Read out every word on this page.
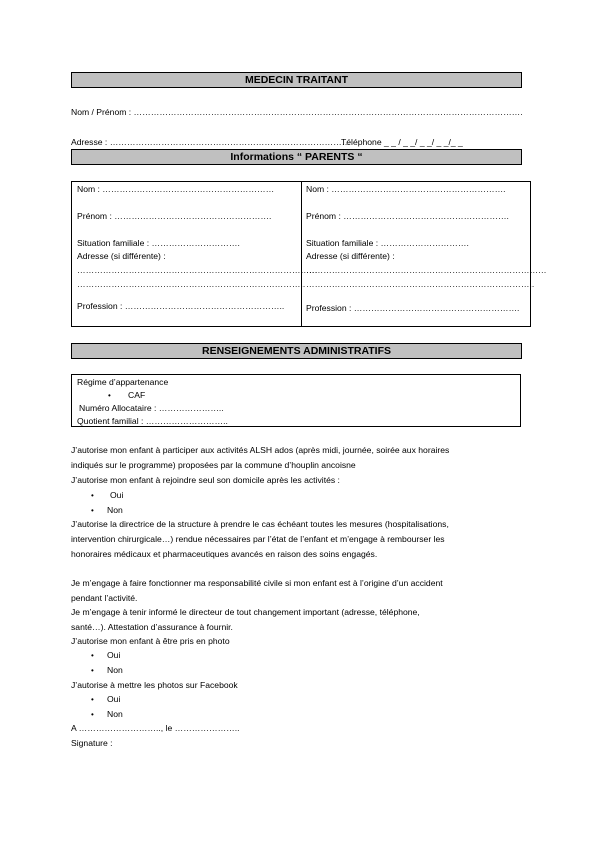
MEDECIN TRAITANT
Nom / Prénom : ……………………………………………………………………………………………………………………….
Adresse : …………………………………………………………………………
Téléphone _ _ / _ _/ _ _/ _ _/_ _
Informations “ PARENTS “
Nom : ……………………………………………………
Prénom : ……………………………………………….
Situation familiale : ………………………….
Adresse (si différente) :
…………………………………………………………………………
……………………………………………………………………..
Profession : ………………………………………………..
Nom : …………………………………………………….
Prénom : ………………………………………………….
Situation familiale : ………………………….
Adresse (si différente) :
…………………………………………………………………………
……………………………………………………………………..
Profession : ………………………………………………….
RENSEIGNEMENTS ADMINISTRATIFS
Régime d’appartenance
• CAF
Numéro Allocataire : …………………..
Quotient familial : ………………………..
J’autorise mon enfant à participer aux activités ALSH ados (après midi, journée, soirée aux horaires
indiqués sur le programme) proposées par la commune d’houplin ancoisne
J’autorise mon enfant à rejoindre seul son domicile après les activités :
• Oui
• Non
J’autorise la directrice de la structure à prendre le cas échéant toutes les mesures (hospitalisations,
intervention chirurgicale…) rendue nécessaires par l’état de l’enfant et m’engage à rembourser les
honoraires médicaux et pharmaceutiques avancés en raison des soins engagés.
Je m’engage à faire fonctionner ma responsabilité civile si mon enfant est à l’origine d’un accident
pendant l’activité.
Je m’engage à tenir informé le directeur de tout changement important (adresse, téléphone,
santé…). Attestation d’assurance à fournir.
J’autorise mon enfant à être pris en photo
• Oui
• Non
J’autorise à mettre les photos sur Facebook
• Oui
• Non
A ……………………….., le …………………..
Signature :
